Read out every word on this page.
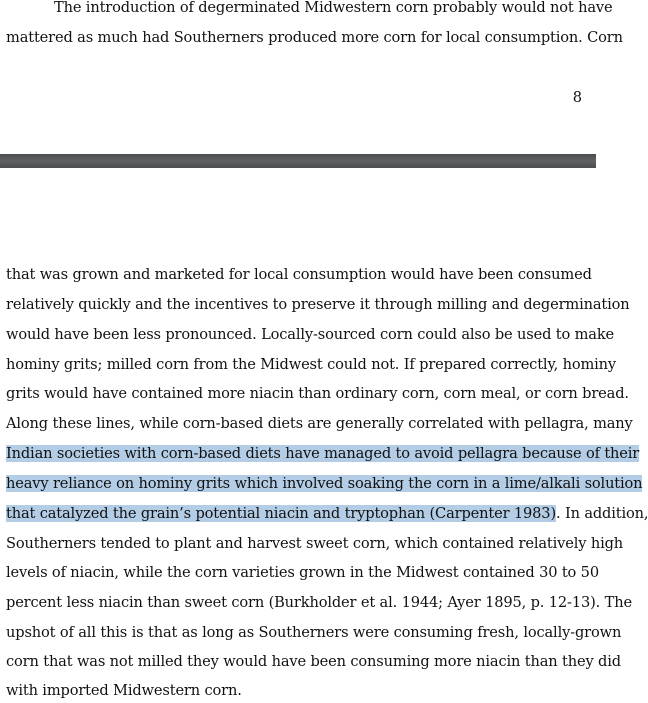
The introduction of degerminated Midwestern corn probably would not have
mattered as much had Southerners produced more corn for local consumption. Corn
8
that was grown and marketed for local consumption would have been consumed
relatively quickly and the incentives to preserve it through milling and degermination
would have been less pronounced. Locally-sourced corn could also be used to make
hominy grits; milled corn from the Midwest could not. If prepared correctly, hominy
grits would have contained more niacin than ordinary corn, corn meal, or corn bread.
Along these lines, while corn-based diets are generally correlated with pellagra, many
Indian societies with corn-based diets have managed to avoid pellagra because of their
heavy reliance on hominy grits which involved soaking the corn in a lime/alkali solution
that catalyzed the grain’s potential niacin and tryptophan (Carpenter 1983). In addition,
Southerners tended to plant and harvest sweet corn, which contained relatively high
levels of niacin, while the corn varieties grown in the Midwest contained 30 to 50
percent less niacin than sweet corn (Burkholder et al. 1944; Ayer 1895, p. 12-13). The
upshot of all this is that as long as Southerners were consuming fresh, locally-grown
corn that was not milled they would have been consuming more niacin than they did
with imported Midwestern corn.
